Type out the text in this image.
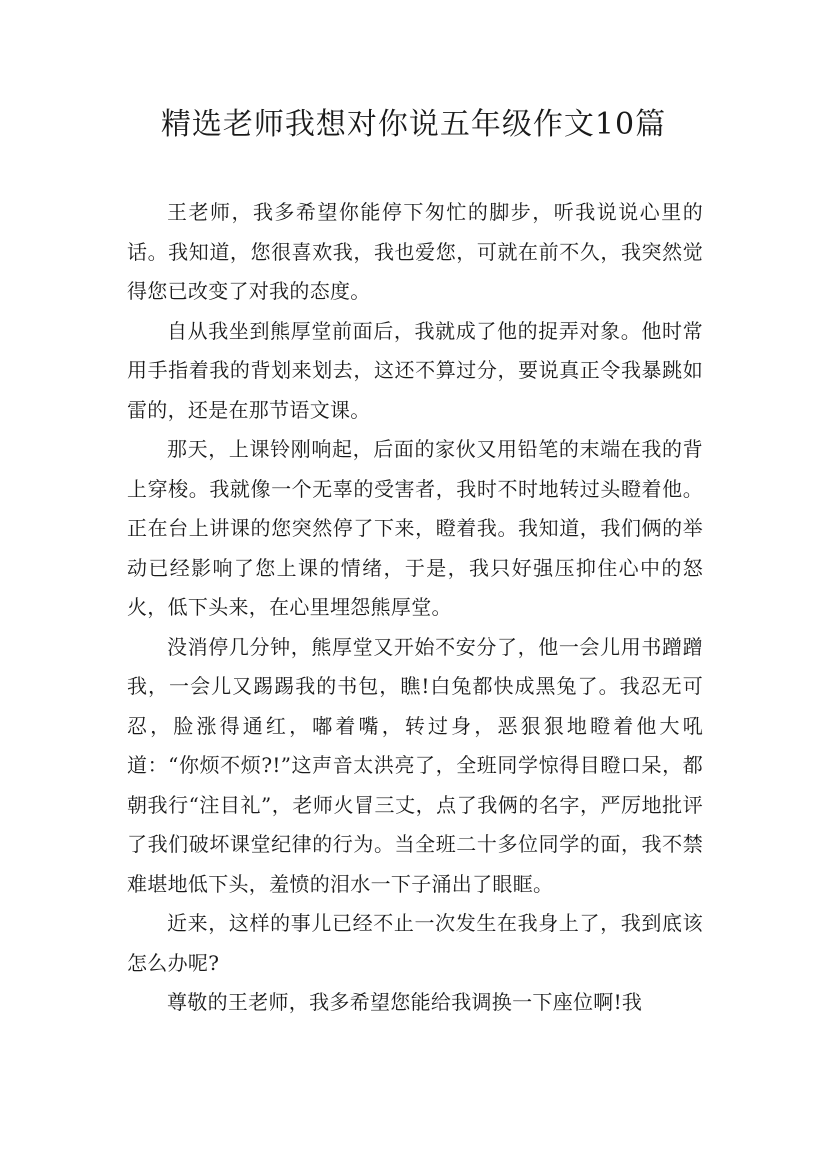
精选老师我想对你说五年级作文10篇

王老师，我多希望你能停下匆忙的脚步，听我说说心里的话。我知道，您很喜欢我，我也爱您，可就在前不久，我突然觉得您已改变了对我的态度。

自从我坐到熊厚堂前面后，我就成了他的捉弄对象。他时常用手指着我的背划来划去，这还不算过分，要说真正令我暴跳如雷的，还是在那节语文课。

那天，上课铃刚响起，后面的家伙又用铅笔的末端在我的背上穿梭。我就像一个无辜的受害者，我时不时地转过头瞪着他。正在台上讲课的您突然停了下来，瞪着我。我知道，我们俩的举动已经影响了您上课的情绪，于是，我只好强压抑住心中的怒火，低下头来，在心里埋怨熊厚堂。

没消停几分钟，熊厚堂又开始不安分了，他一会儿用书蹭蹭我，一会儿又踢踢我的书包，瞧!白兔都快成黑兔了。我忍无可忍，脸涨得通红，嘟着嘴，转过身，恶狠狠地瞪着他大吼道：“你烦不烦?!”这声音太洪亮了，全班同学惊得目瞪口呆，都朝我行“注目礼”，老师火冒三丈，点了我俩的名字，严厉地批评了我们破坏课堂纪律的行为。当全班二十多位同学的面，我不禁难堪地低下头，羞愤的泪水一下子涌出了眼眶。

近来，这样的事儿已经不止一次发生在我身上了，我到底该怎么办呢?

尊敬的王老师，我多希望您能给我调换一下座位啊!我
